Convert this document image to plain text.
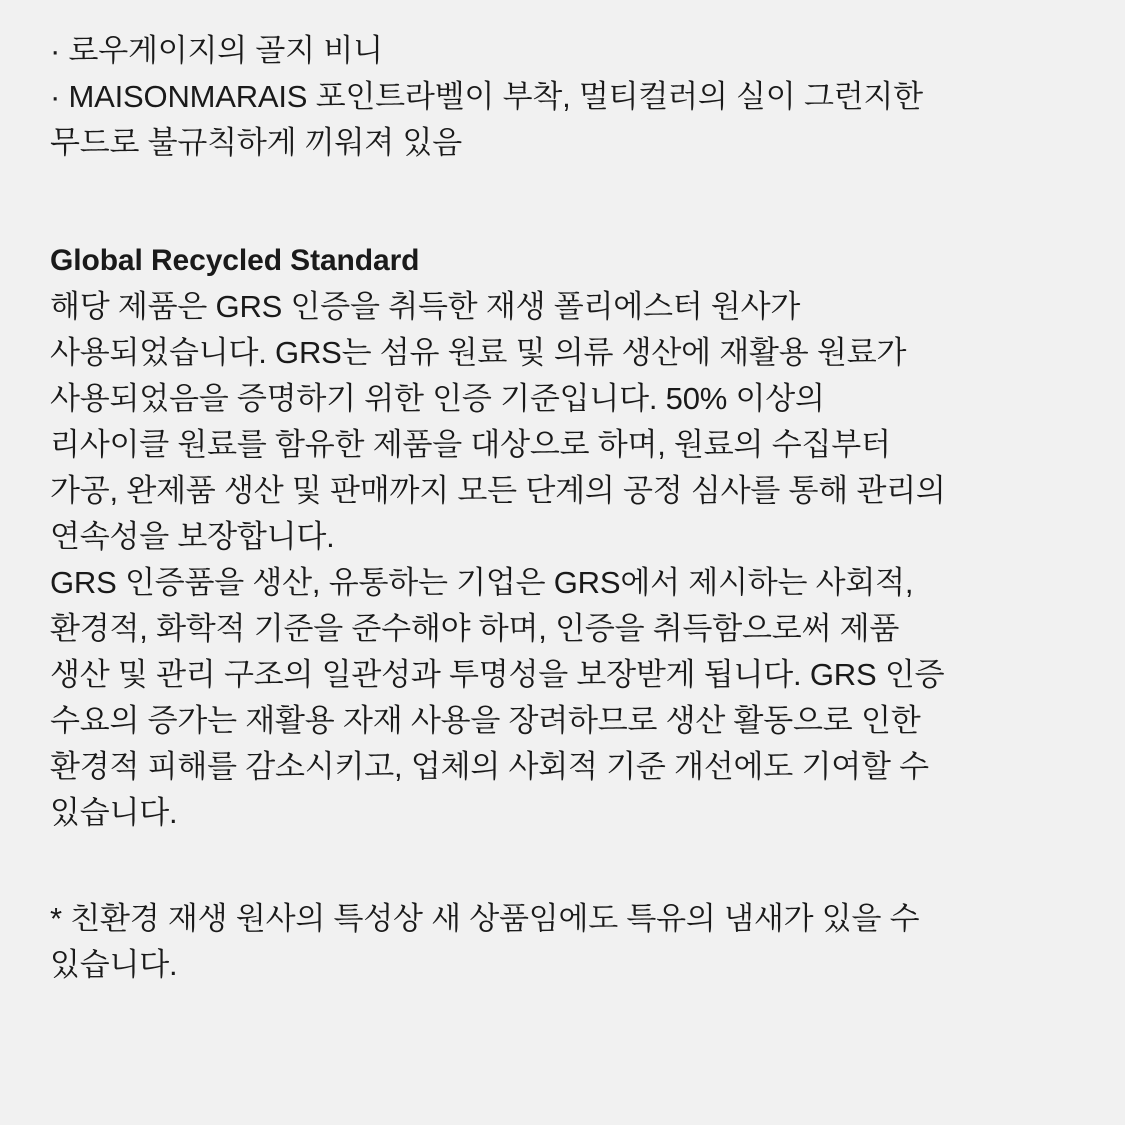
· 로우게이지의 골지 비니
· MAISONMARAIS 포인트라벨이 부착, 멀티컬러의 실이 그런지한
무드로 불규칙하게 끼워져 있음
Global Recycled Standard
해당 제품은 GRS 인증을 취득한 재생 폴리에스터 원사가
사용되었습니다. GRS는 섬유 원료 및 의류 생산에 재활용 원료가
사용되었음을 증명하기 위한 인증 기준입니다. 50% 이상의
리사이클 원료를 함유한 제품을 대상으로 하며, 원료의 수집부터
가공, 완제품 생산 및 판매까지 모든 단계의 공정 심사를 통해 관리의
연속성을 보장합니다.
GRS 인증품을 생산, 유통하는 기업은 GRS에서 제시하는 사회적,
환경적, 화학적 기준을 준수해야 하며, 인증을 취득함으로써 제품
생산 및 관리 구조의 일관성과 투명성을 보장받게 됩니다. GRS 인증
수요의 증가는 재활용 자재 사용을 장려하므로 생산 활동으로 인한
환경적 피해를 감소시키고, 업체의 사회적 기준 개선에도 기여할 수
있습니다.
* 친환경 재생 원사의 특성상 새 상품임에도 특유의 냄새가 있을 수
있습니다.
